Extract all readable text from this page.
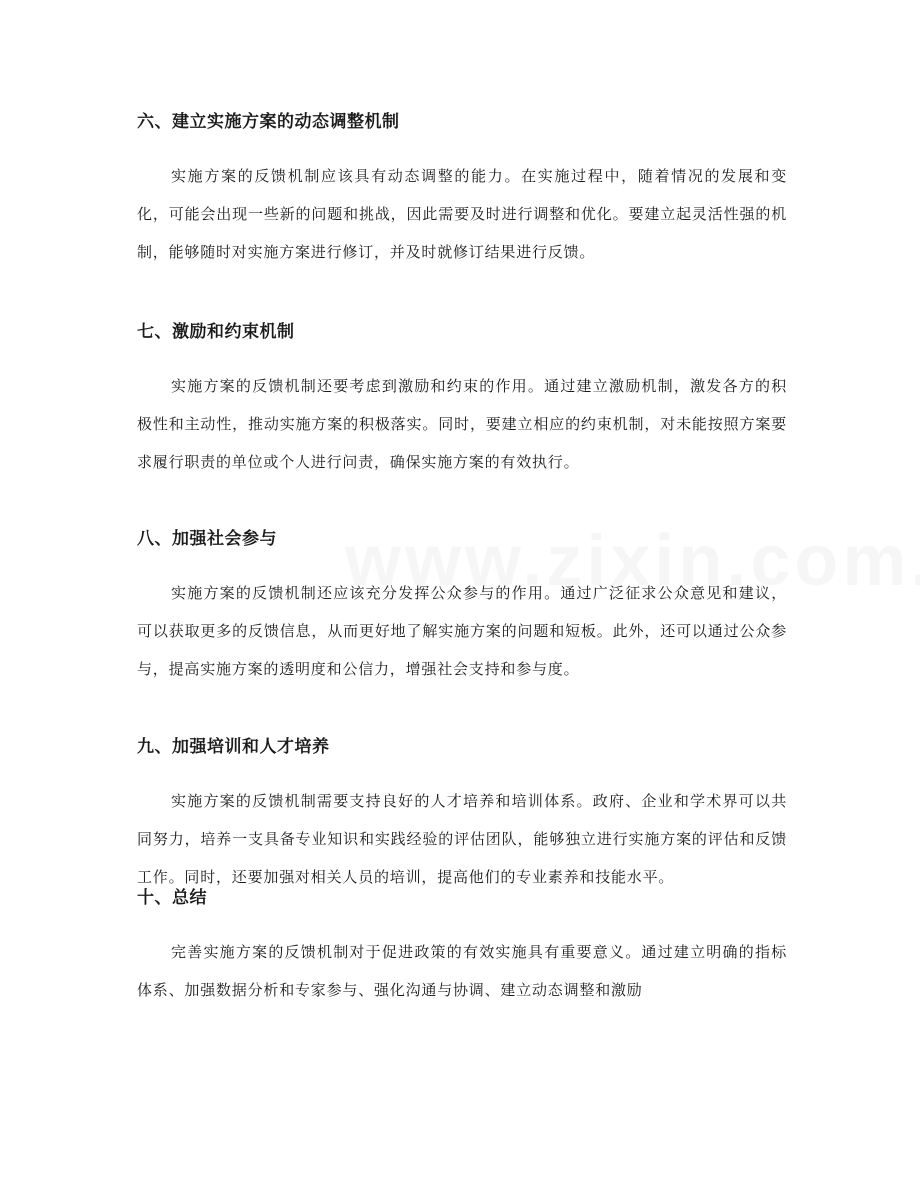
六、建立实施方案的动态调整机制

实施方案的反馈机制应该具有动态调整的能力。在实施过程中，随着情况的发展和变化，可能会出现一些新的问题和挑战，因此需要及时进行调整和优化。要建立起灵活性强的机制，能够随时对实施方案进行修订，并及时就修订结果进行反馈。

七、激励和约束机制

实施方案的反馈机制还要考虑到激励和约束的作用。通过建立激励机制，激发各方的积极性和主动性，推动实施方案的积极落实。同时，要建立相应的约束机制，对未能按照方案要求履行职责的单位或个人进行问责，确保实施方案的有效执行。

八、加强社会参与

实施方案的反馈机制还应该充分发挥公众参与的作用。通过广泛征求公众意见和建议，可以获取更多的反馈信息，从而更好地了解实施方案的问题和短板。此外，还可以通过公众参与，提高实施方案的透明度和公信力，增强社会支持和参与度。

九、加强培训和人才培养

实施方案的反馈机制需要支持良好的人才培养和培训体系。政府、企业和学术界可以共同努力，培养一支具备专业知识和实践经验的评估团队，能够独立进行实施方案的评估和反馈工作。同时，还要加强对相关人员的培训，提高他们的专业素养和技能水平。

十、总结

完善实施方案的反馈机制对于促进政策的有效实施具有重要意义。通过建立明确的指标体系、加强数据分析和专家参与、强化沟通与协调、建立动态调整和激励
